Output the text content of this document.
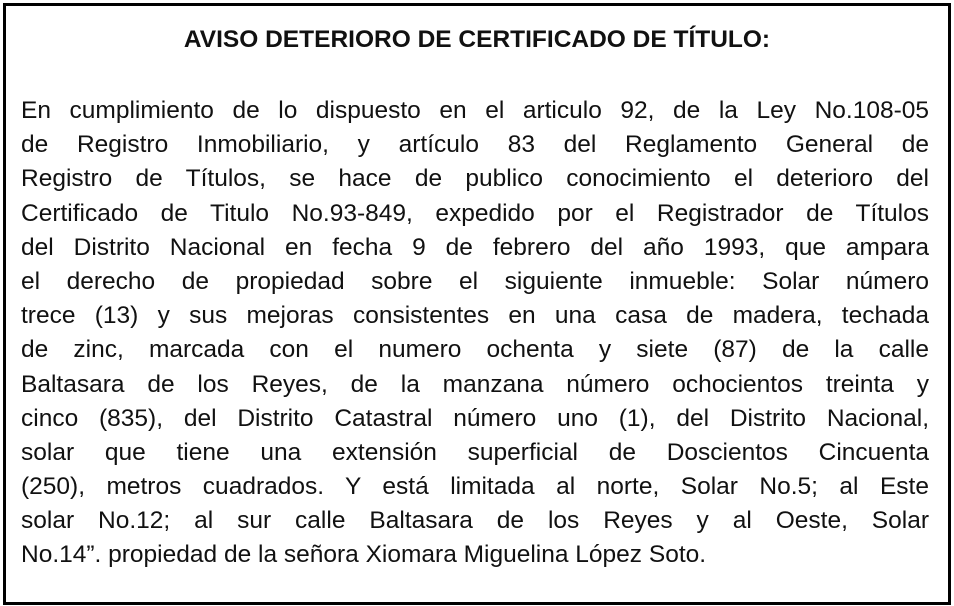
AVISO DETERIORO DE CERTIFICADO DE TÍTULO:
En cumplimiento de lo dispuesto en el articulo 92, de la Ley No.108-05
de Registro Inmobiliario, y artículo 83 del Reglamento General de
Registro de Títulos, se hace de publico conocimiento el deterioro del
Certificado de Titulo No.93-849, expedido por el Registrador de Títulos
del Distrito Nacional en fecha 9 de febrero del año 1993, que ampara
el derecho de propiedad sobre el siguiente inmueble: Solar número
trece (13) y sus mejoras consistentes en una casa de madera, techada
de zinc, marcada con el numero ochenta y siete (87) de la calle
Baltasara de los Reyes, de la manzana número ochocientos treinta y
cinco (835), del Distrito Catastral número uno (1), del Distrito Nacional,
solar que tiene una extensión superficial de Doscientos Cincuenta
(250), metros cuadrados. Y está limitada al norte, Solar No.5; al Este
solar No.12; al sur calle Baltasara de los Reyes y al Oeste, Solar
No.14”. propiedad de la señora Xiomara Miguelina López Soto.
